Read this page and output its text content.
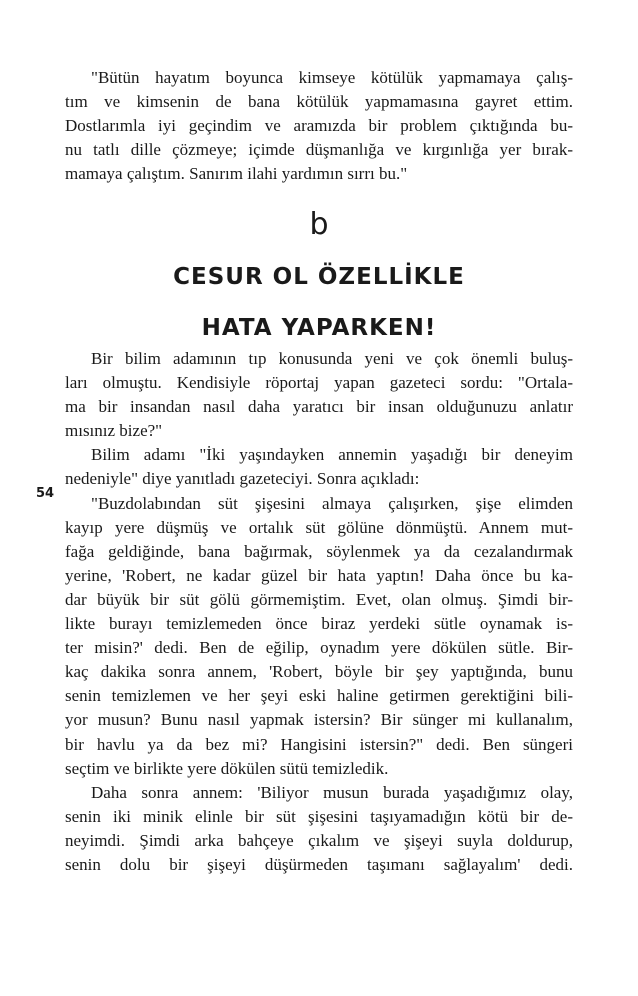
"Bütün hayatım boyunca kimseye kötülük yapmamaya çalış-
tım ve kimsenin de bana kötülük yapmamasına gayret ettim.
Dostlarımla iyi geçindim ve aramızda bir problem çıktığında bu-
nu tatlı dille çözmeye; içimde düşmanlığa ve kırgınlığa yer bırak-
mamaya çalıştım. Sanırım ilahi yardımın sırrı bu."

b
CESUR OL ÖZELLİKLE
HATA YAPARKEN!

Bir bilim adamının tıp konusunda yeni ve çok önemli buluş-
ları olmuştu. Kendisiyle röportaj yapan gazeteci sordu: "Ortala-
ma bir insandan nasıl daha yaratıcı bir insan olduğunuzu anlatır
mısınız bize?"

Bilim adamı "İki yaşındayken annemin yaşadığı bir deneyim
nedeniyle" diye yanıtladı gazeteciyi. Sonra açıkladı:

"Buzdolabından süt şişesini almaya çalışırken, şişe elimden
kayıp yere düşmüş ve ortalık süt gölüne dönmüştü. Annem mut-
fağa geldiğinde, bana bağırmak, söylenmek ya da cezalandırmak
yerine, 'Robert, ne kadar güzel bir hata yaptın! Daha önce bu ka-
dar büyük bir süt gölü görmemiştim. Evet, olan olmuş. Şimdi bir-
likte burayı temizlemeden önce biraz yerdeki sütle oynamak is-
ter misin?' dedi. Ben de eğilip, oynadım yere dökülen sütle. Bir-
kaç dakika sonra annem, 'Robert, böyle bir şey yaptığında, bunu
senin temizlemen ve her şeyi eski haline getirmen gerektiğini bili-
yor musun? Bunu nasıl yapmak istersin? Bir sünger mi kullanalım,
bir havlu ya da bez mi? Hangisini istersin?" dedi. Ben süngeri
seçtim ve birlikte yere dökülen sütü temizledik.

Daha sonra annem: 'Biliyor musun burada yaşadığımız olay,
senin iki minik elinle bir süt şişesini taşıyamadığın kötü bir de-
neyimdi. Şimdi arka bahçeye çıkalım ve şişeyi suyla doldurup,
senin dolu bir şişeyi düşürmeden taşımanı sağlayalım' dedi.

54
